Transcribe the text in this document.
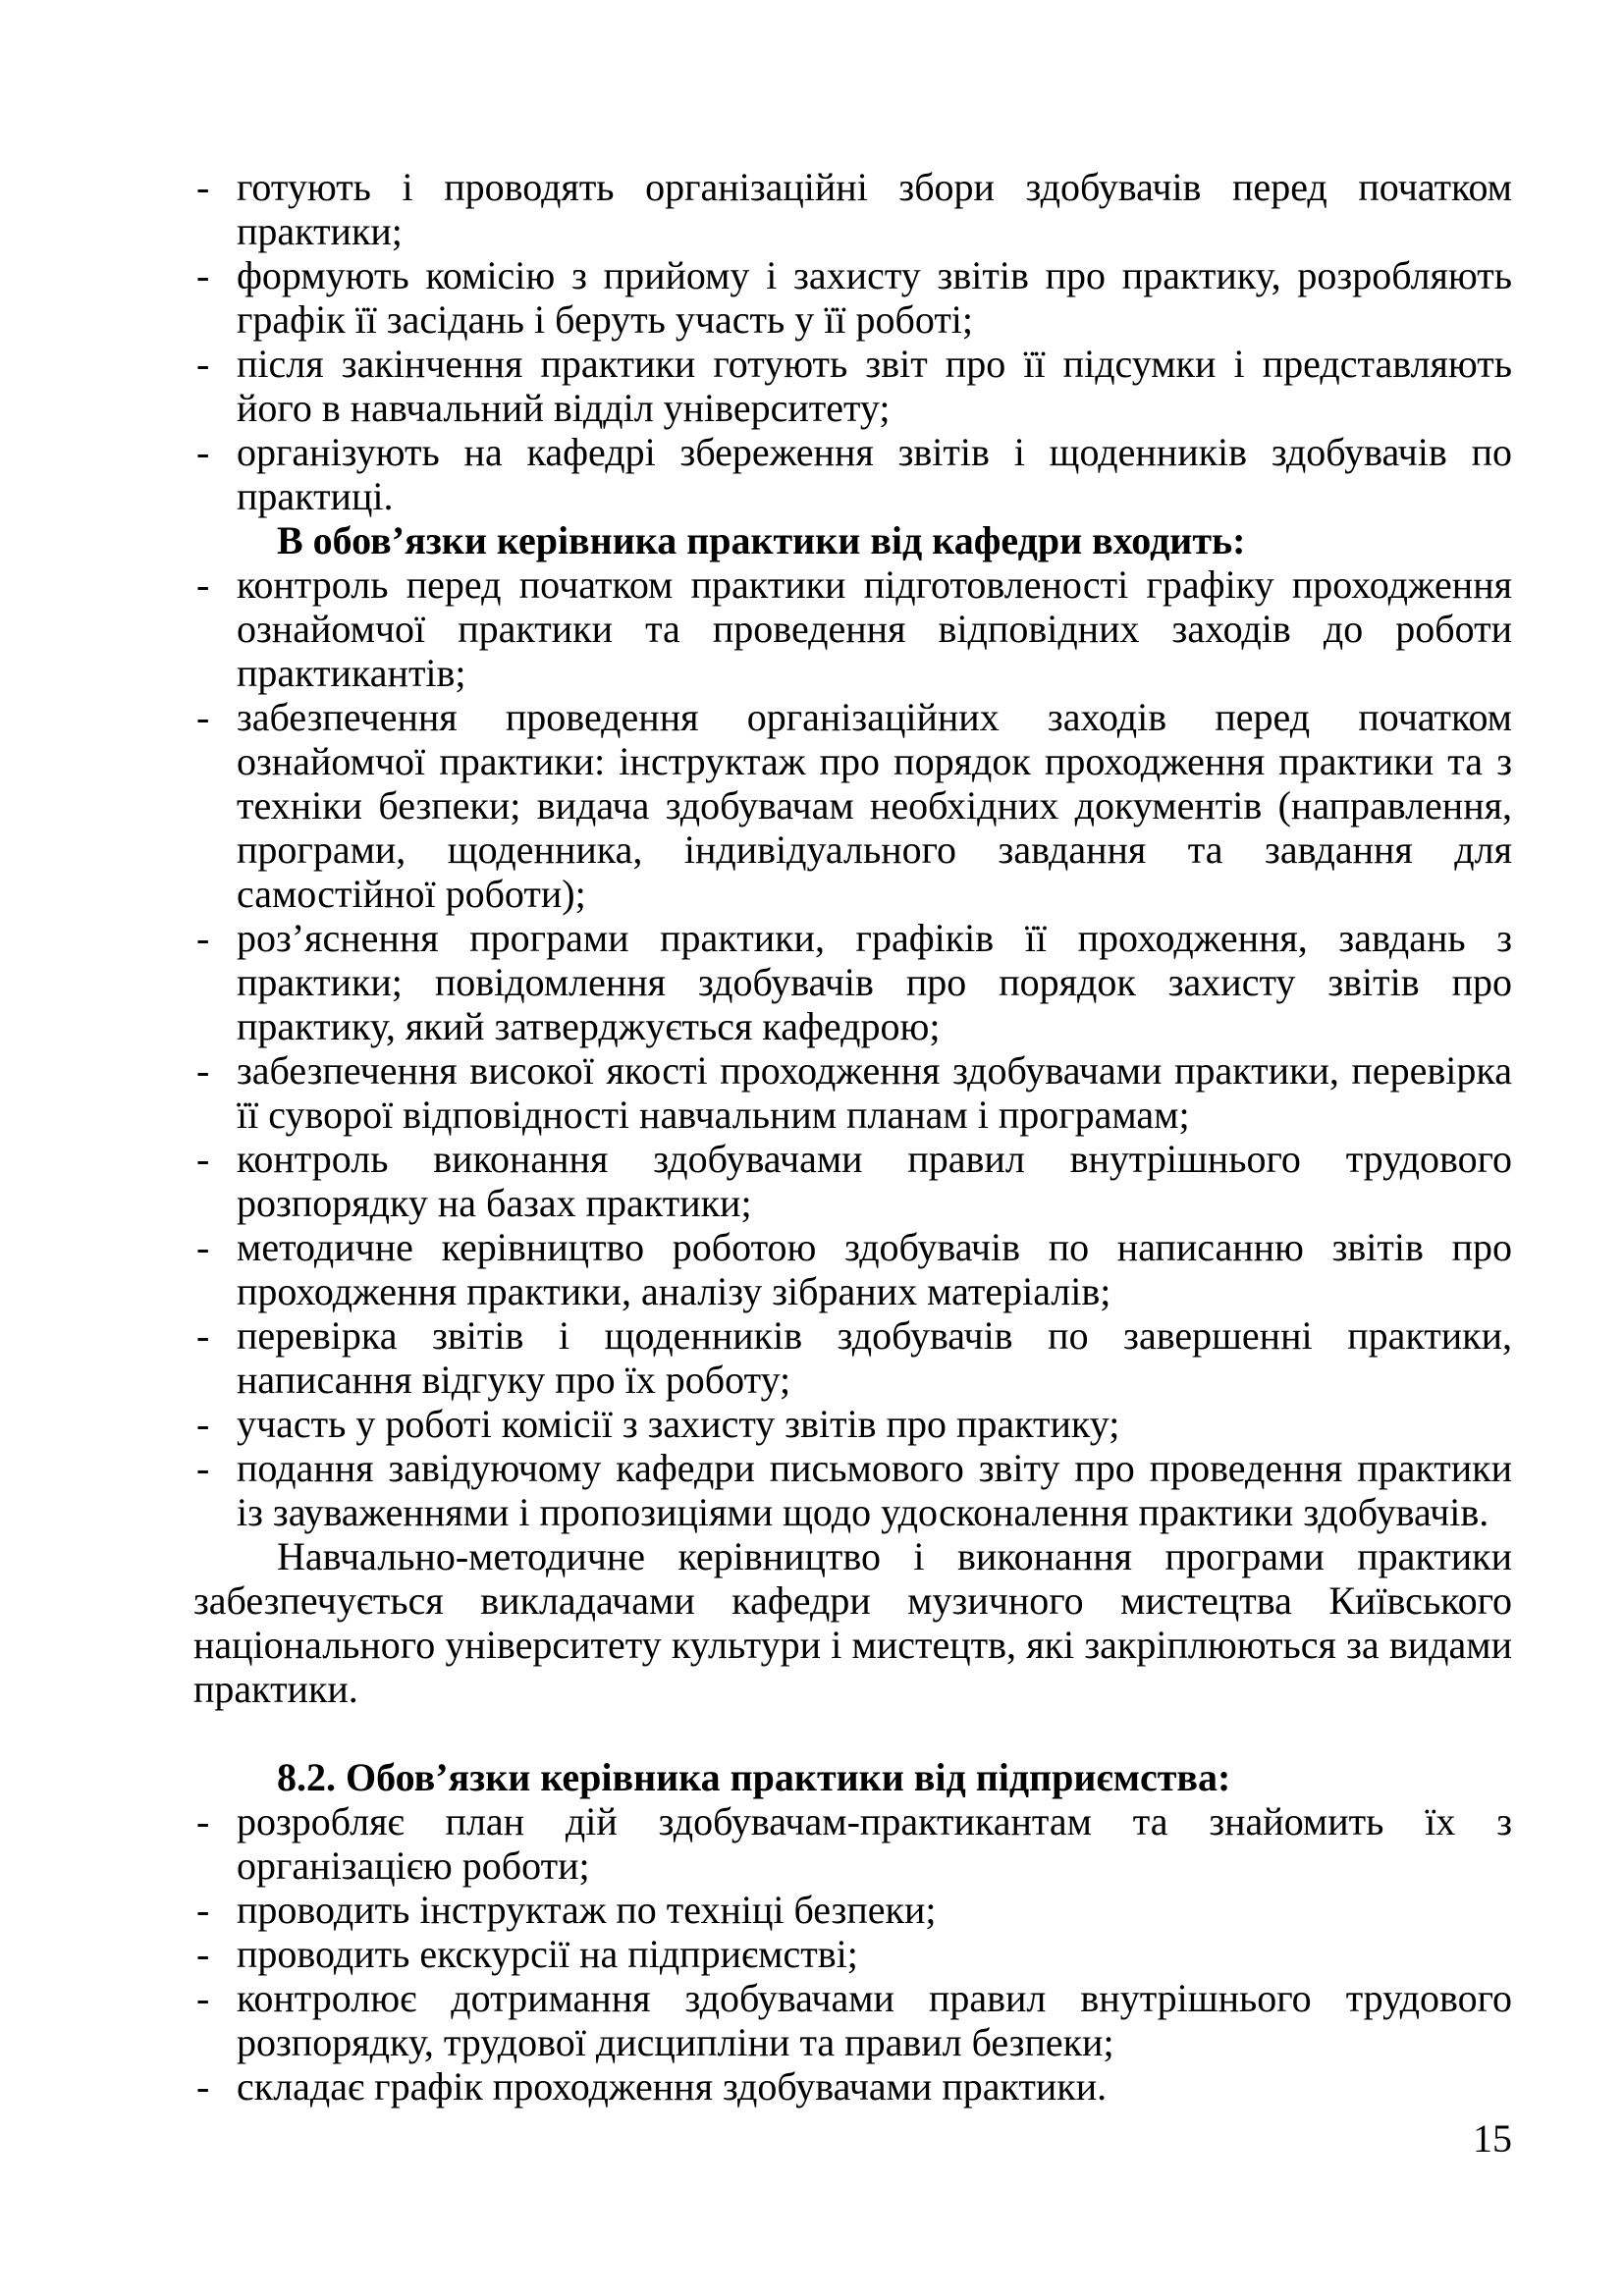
- готують і проводять організаційні збори здобувачів перед початком практики;
- формують комісію з прийому і захисту звітів про практику, розробляють графік її засідань і беруть участь у її роботі;
- після закінчення практики готують звіт про її підсумки і представляють його в навчальний відділ університету;
- організують на кафедрі збереження звітів і щоденників здобувачів по практиці.

В обов’язки керівника практики від кафедри входить:

- контроль перед початком практики підготовленості графіку проходження ознайомчої практики та проведення відповідних заходів до роботи практикантів;
- забезпечення проведення організаційних заходів перед початком ознайомчої практики: інструктаж про порядок проходження практики та з техніки безпеки; видача здобувачам необхідних документів (направлення, програми, щоденника, індивідуального завдання та завдання для самостійної роботи);
- роз’яснення програми практики, графіків її проходження, завдань з практики; повідомлення здобувачів про порядок захисту звітів про практику, який затверджується кафедрою;
- забезпечення високої якості проходження здобувачами практики, перевірка її суворої відповідності навчальним планам і програмам;
- контроль виконання здобувачами правил внутрішнього трудового розпорядку на базах практики;
- методичне керівництво роботою здобувачів по написанню звітів про проходження практики, аналізу зібраних матеріалів;
- перевірка звітів і щоденників здобувачів по завершенні практики, написання відгуку про їх роботу;
- участь у роботі комісії з захисту звітів про практику;
- подання завідуючому кафедри письмового звіту про проведення практики із зауваженнями і пропозиціями щодо удосконалення практики здобувачів.

Навчально-методичне керівництво і виконання програми практики забезпечується викладачами кафедри музичного мистецтва Київського національного університету культури і мистецтв, які закріплюються за видами практики.

8.2. Обов’язки керівника практики від підприємства:

- розробляє план дій здобувачам-практикантам та знайомить їх з організацією роботи;
- проводить інструктаж по техніці безпеки;
- проводить екскурсії на підприємстві;
- контролює дотримання здобувачами правил внутрішнього трудового розпорядку, трудової дисципліни та правил безпеки;
- складає графік проходження здобувачами практики.
15
